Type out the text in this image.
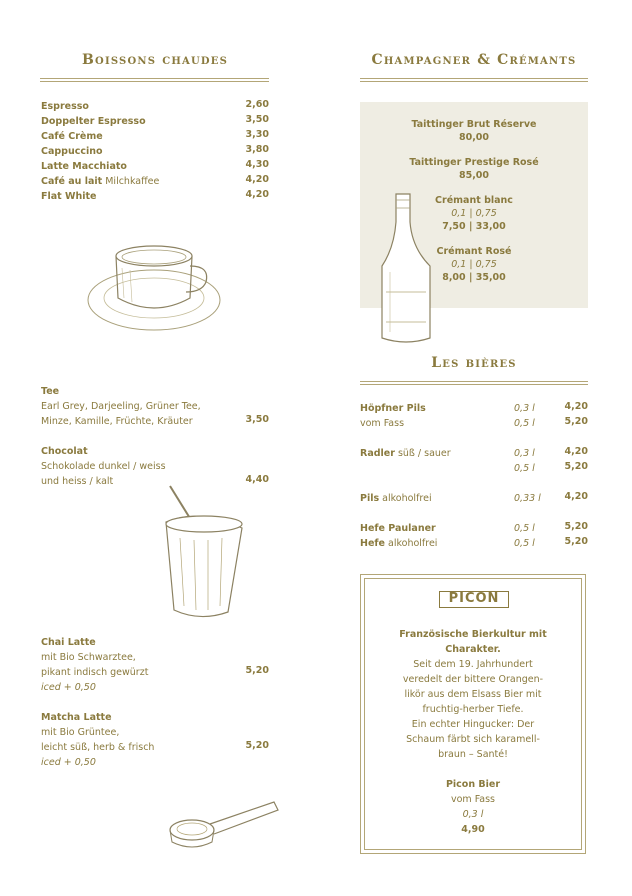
Boissons chaudes
Espresso	2,60
Doppelter Espresso	3,50
Café Crème	3,30
Cappuccino	3,80
Latte Macchiato	4,30
Café au lait Milchkaffee	4,20
Flat White	4,20
Tee
Earl Grey, Darjeeling, Grüner Tee,
Minze, Kamille, Früchte, Kräuter	3,50
Chocolat
Schokolade dunkel / weiss
und heiss / kalt	4,40
Chai Latte
mit Bio Schwarztee,
pikant indisch gewürzt	5,20
iced + 0,50
Matcha Latte
mit Bio Grüntee,
leicht süß, herb & frisch	5,20
iced + 0,50
Champagner & Crémants
Taittinger Brut Réserve
80,00
Taittinger Prestige Rosé
85,00
Crémant blanc
0,1 | 0,75
7,50 | 33,00
Crémant Rosé
0,1 | 0,75
8,00 | 35,00
Les bières
Höpfner Pils	0,3 l	4,20
vom Fass	0,5 l	5,20
Radler süß / sauer	0,3 l	4,20
0,5 l	5,20
Pils alkoholfrei	0,33 l	4,20
Hefe Paulaner	0,5 l	5,20
Hefe alkoholfrei	0,5 l	5,20
PICON
Französische Bierkultur mit
Charakter.
Seit dem 19. Jahrhundert
veredelt der bittere Orangen-
likör aus dem Elsass Bier mit
fruchtig-herber Tiefe.
Ein echter Hingucker: Der
Schaum färbt sich karamell-
braun – Santé!
Picon Bier
vom Fass
0,3 l
4,90
